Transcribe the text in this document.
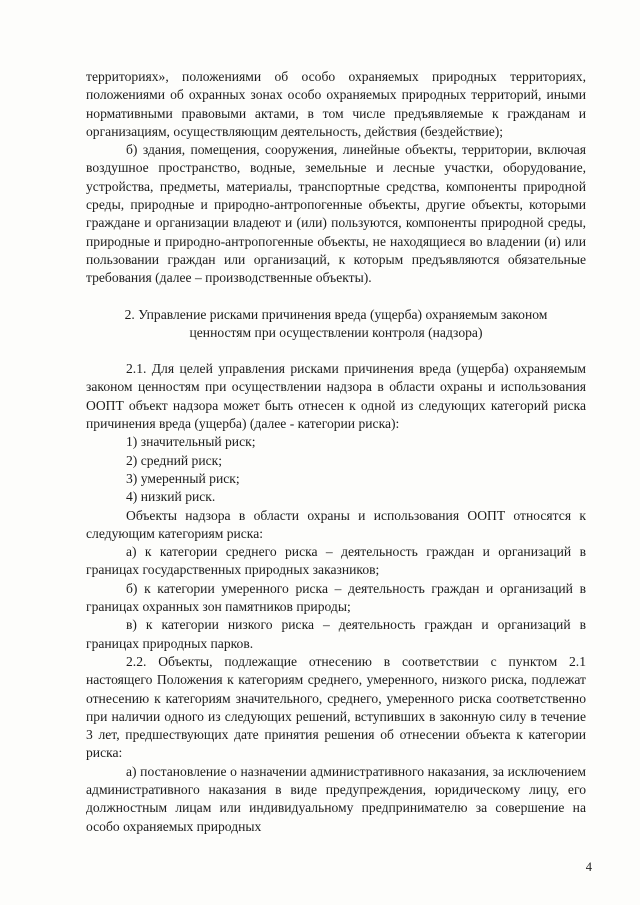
территориях», положениями об особо охраняемых природных территориях, положениями об охранных зонах особо охраняемых природных территорий, иными нормативными правовыми актами, в том числе предъявляемые к гражданам и организациям, осуществляющим деятельность, действия (бездействие);

б) здания, помещения, сооружения, линейные объекты, территории, включая воздушное пространство, водные, земельные и лесные участки, оборудование, устройства, предметы, материалы, транспортные средства, компоненты природной среды, природные и природно-антропогенные объекты, другие объекты, которыми граждане и организации владеют и (или) пользуются, компоненты природной среды, природные и природно-антропогенные объекты, не находящиеся во владении (и) или пользовании граждан или организаций, к которым предъявляются обязательные требования (далее – производственные объекты).

2. Управление рисками причинения вреда (ущерба) охраняемым законом ценностям при осуществлении контроля (надзора)

2.1. Для целей управления рисками причинения вреда (ущерба) охраняемым законом ценностям при осуществлении надзора в области охраны и использования ООПТ объект надзора может быть отнесен к одной из следующих категорий риска причинения вреда (ущерба) (далее - категории риска):

1) значительный риск;

2) средний риск;

3) умеренный риск;

4) низкий риск.

Объекты надзора в области охраны и использования ООПТ относятся к следующим категориям риска:

а) к категории среднего риска – деятельность граждан и организаций в границах государственных природных заказников;

б) к категории умеренного риска – деятельность граждан и организаций в границах охранных зон памятников природы;

в) к категории низкого риска – деятельность граждан и организаций в границах природных парков.

2.2. Объекты, подлежащие отнесению в соответствии с пунктом 2.1 настоящего Положения к категориям среднего, умеренного, низкого риска, подлежат отнесению к категориям значительного, среднего, умеренного риска соответственно при наличии одного из следующих решений, вступивших в законную силу в течение 3 лет, предшествующих дате принятия решения об отнесении объекта к категории риска:

а) постановление о назначении административного наказания, за исключением административного наказания в виде предупреждения, юридическому лицу, его должностным лицам или индивидуальному предпринимателю за совершение на особо охраняемых природных

4
